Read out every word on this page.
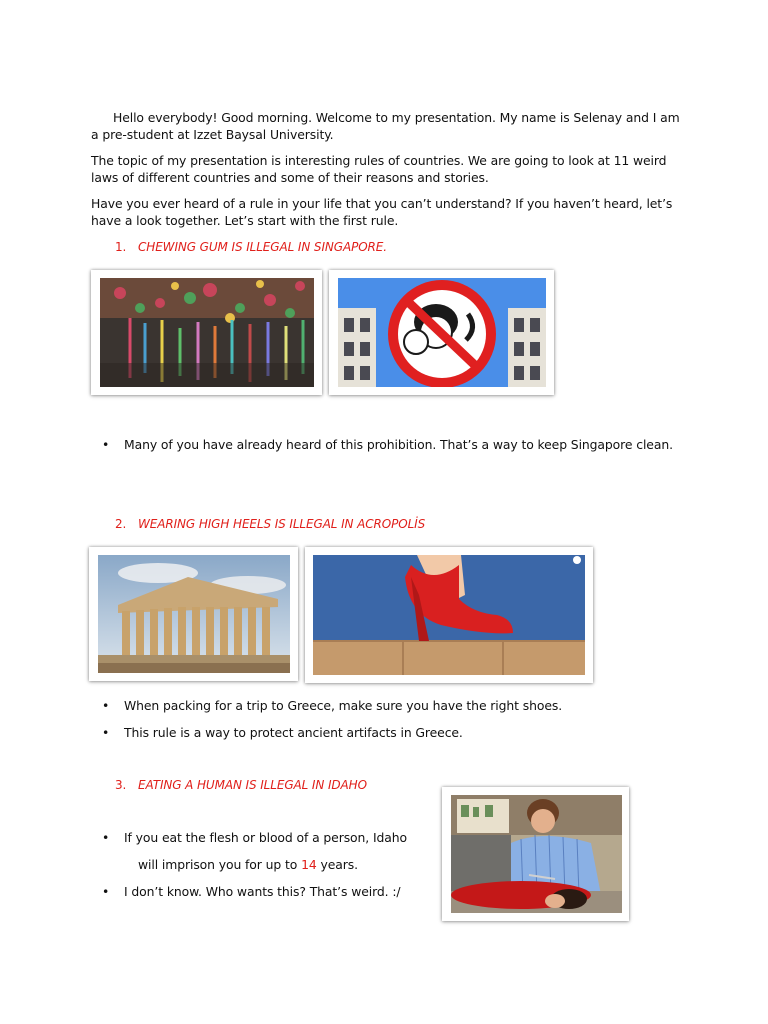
Hello everybody! Good morning. Welcome to my presentation. My name is Selenay and I am a pre-student at Izzet Baysal University.

The topic of my presentation is interesting rules of countries. We are going to look at 11 weird laws of different countries and some of their reasons and stories.

Have you ever heard of a rule in your life that you can’t understand? If you haven’t heard, let’s have a look together. Let’s start with the first rule.

1. CHEWING GUM IS ILLEGAL IN SINGAPORE.

• Many of you have already heard of this prohibition. That’s a way to keep Singapore clean.

2. WEARING HIGH HEELS IS ILLEGAL IN ACROPOLİS

• When packing for a trip to Greece, make sure you have the right shoes.
• This rule is a way to protect ancient artifacts in Greece.

3. EATING A HUMAN IS ILLEGAL IN IDAHO

• If you eat the flesh or blood of a person, Idaho
will imprison you for up to 14 years.
• I don’t know. Who wants this? That’s weird. :/
